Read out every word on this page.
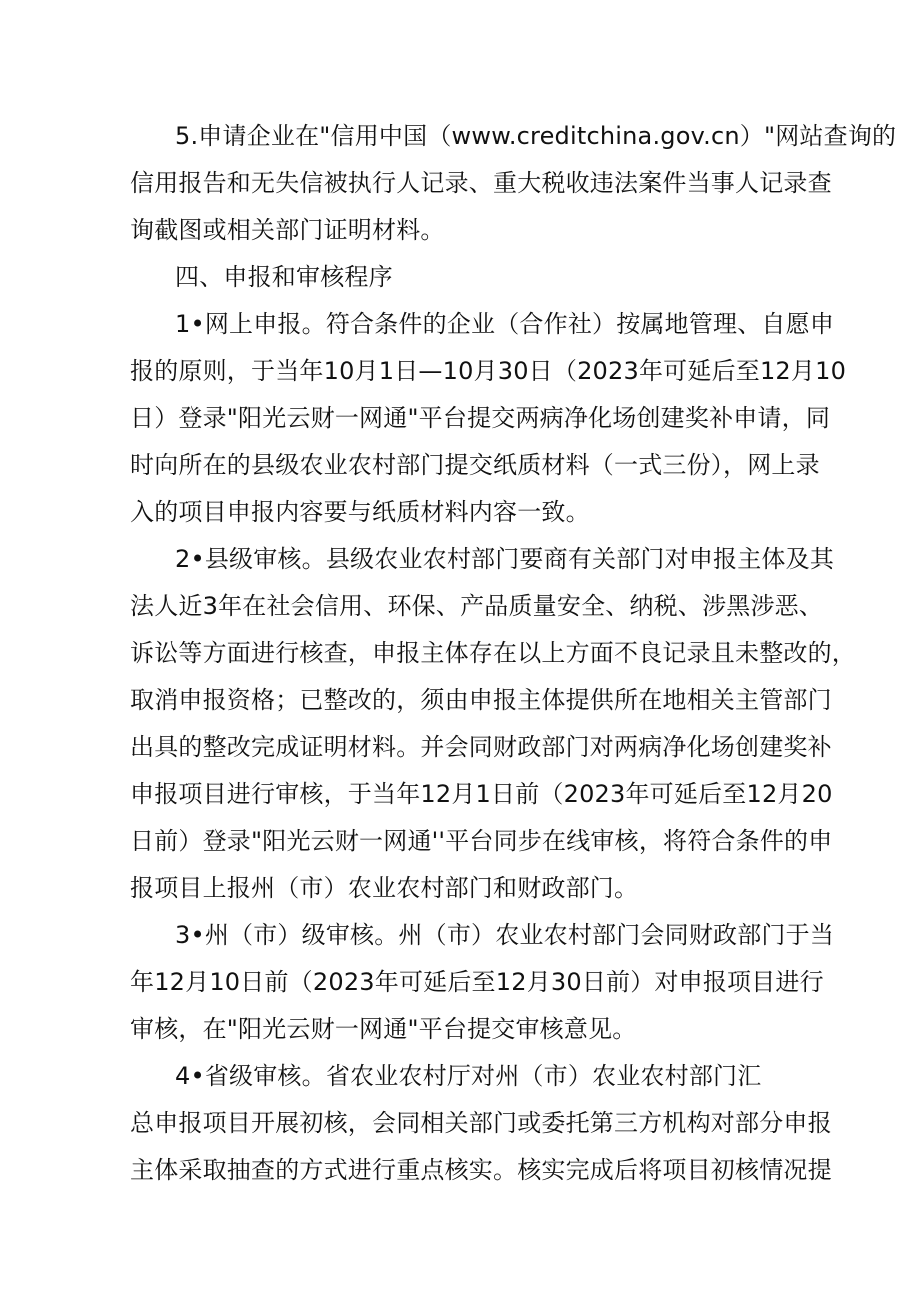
5.申请企业在"信用中国（www.creditchina.gov.cn）"网站查询的
信用报告和无失信被执行人记录、重大税收违法案件当事人记录查
询截图或相关部门证明材料。
四、申报和审核程序
1•网上申报。符合条件的企业（合作社）按属地管理、自愿申
报的原则，于当年10月1日—10月30日（2023年可延后至12月10
日）登录"阳光云财一网通"平台提交两病净化场创建奖补申请，同
时向所在的县级农业农村部门提交纸质材料（一式三份），网上录
入的项目申报内容要与纸质材料内容一致。
2•县级审核。县级农业农村部门要商有关部门对申报主体及其
法人近3年在社会信用、环保、产品质量安全、纳税、涉黑涉恶、
诉讼等方面进行核查，申报主体存在以上方面不良记录且未整改的，
取消申报资格；已整改的，须由申报主体提供所在地相关主管部门
出具的整改完成证明材料。并会同财政部门对两病净化场创建奖补
申报项目进行审核，于当年12月1日前（2023年可延后至12月20
日前）登录"阳光云财一网通''平台同步在线审核，将符合条件的申
报项目上报州（市）农业农村部门和财政部门。
3•州（市）级审核。州（市）农业农村部门会同财政部门于当
年12月10日前（2023年可延后至12月30日前）对申报项目进行
审核，在"阳光云财一网通"平台提交审核意见。
4•省级审核。省农业农村厅对州（市）农业农村部门汇
总申报项目开展初核，会同相关部门或委托第三方机构对部分申报
主体采取抽查的方式进行重点核实。核实完成后将项目初核情况提
